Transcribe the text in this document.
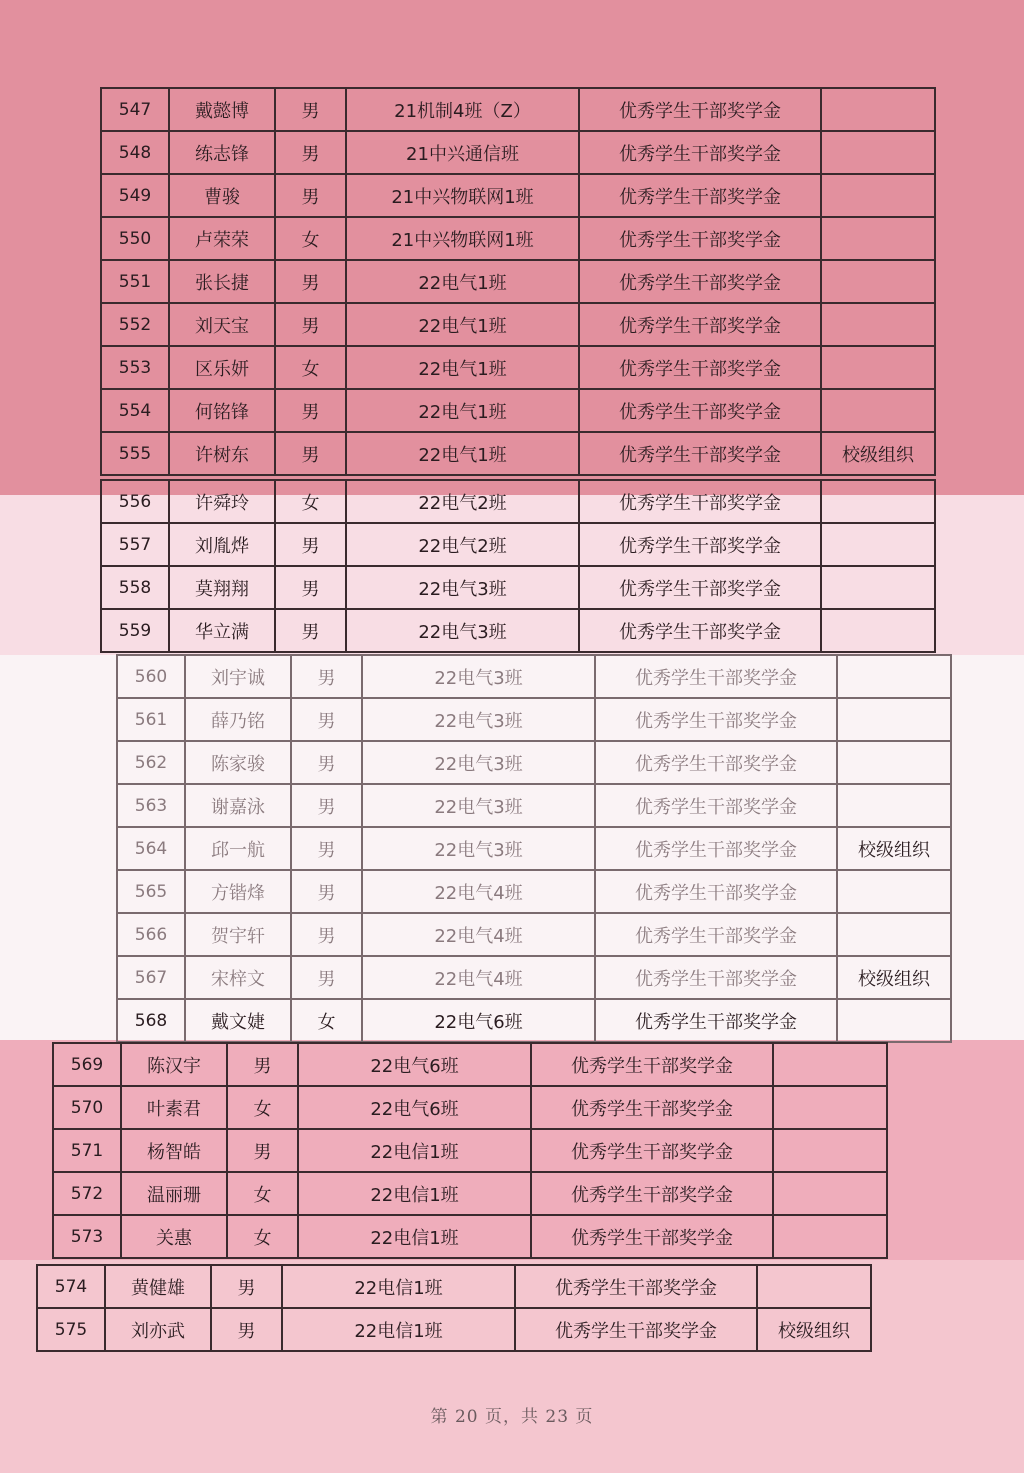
547	戴懿博	男	21机制4班（Z）	优秀学生干部奖学金	
548	练志锋	男	21中兴通信班	优秀学生干部奖学金	
549	曹骏	男	21中兴物联网1班	优秀学生干部奖学金	
550	卢荣荣	女	21中兴物联网1班	优秀学生干部奖学金	
551	张长捷	男	22电气1班	优秀学生干部奖学金	
552	刘天宝	男	22电气1班	优秀学生干部奖学金	
553	区乐妍	女	22电气1班	优秀学生干部奖学金	
554	何铭锋	男	22电气1班	优秀学生干部奖学金	
555	许树东	男	22电气1班	优秀学生干部奖学金	校级组织
556	许舜玲	女	22电气2班	优秀学生干部奖学金	
557	刘胤烨	男	22电气2班	优秀学生干部奖学金	
558	莫翔翔	男	22电气3班	优秀学生干部奖学金	
559	华立满	男	22电气3班	优秀学生干部奖学金	
560	刘宇诚	男	22电气3班	优秀学生干部奖学金	
561	薛乃铭	男	22电气3班	优秀学生干部奖学金	
562	陈家骏	男	22电气3班	优秀学生干部奖学金	
563	谢嘉泳	男	22电气3班	优秀学生干部奖学金	
564	邱一航	男	22电气3班	优秀学生干部奖学金	校级组织
565	方锴烽	男	22电气4班	优秀学生干部奖学金	
566	贺宇轩	男	22电气4班	优秀学生干部奖学金	
567	宋梓文	男	22电气4班	优秀学生干部奖学金	校级组织
568	戴文婕	女	22电气6班	优秀学生干部奖学金	
569	陈汉宇	男	22电气6班	优秀学生干部奖学金	
570	叶素君	女	22电气6班	优秀学生干部奖学金	
571	杨智皓	男	22电信1班	优秀学生干部奖学金	
572	温丽珊	女	22电信1班	优秀学生干部奖学金	
573	关惠	女	22电信1班	优秀学生干部奖学金	
574	黄健雄	男	22电信1班	优秀学生干部奖学金	
575	刘亦武	男	22电信1班	优秀学生干部奖学金	校级组织
第 20 页，共 23 页
